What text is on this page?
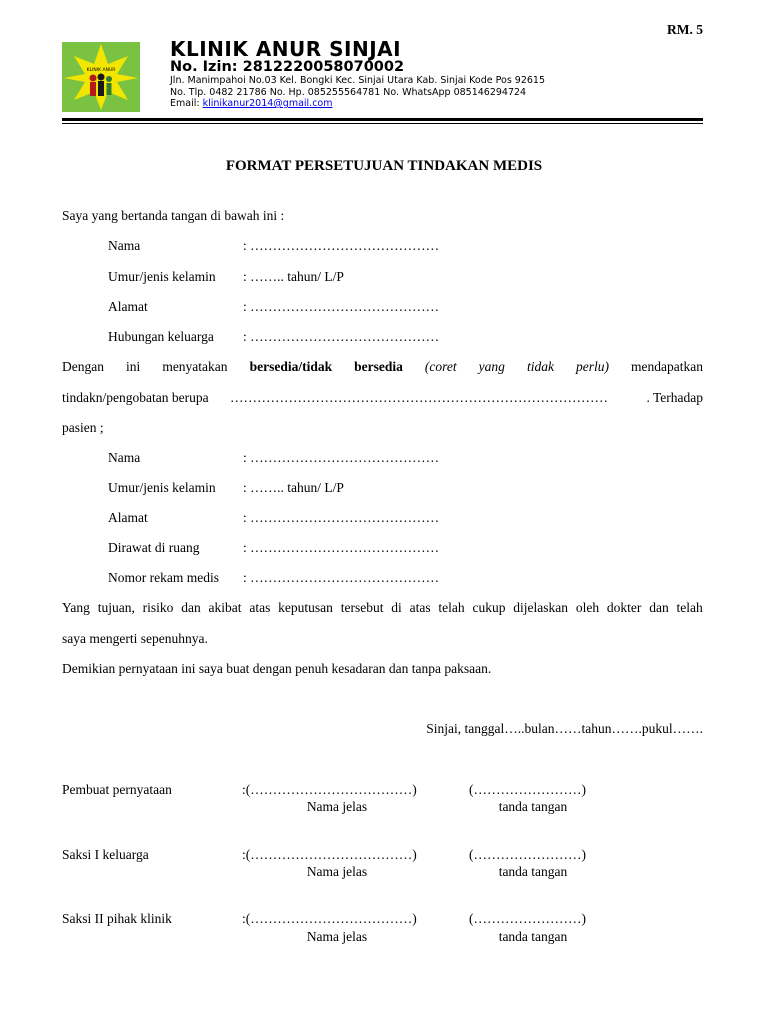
RM. 5
KLINIK ANUR
KLINIK ANUR SINJAI
No. Izin: 2812220058070002
Jln. Manimpahoi No.03 Kel. Bongki Kec. Sinjai Utara Kab. Sinjai Kode Pos 92615
No. Tlp. 0482 21786 No. Hp. 085255564781 No. WhatsApp 085146294724
Email: klinikanur2014@gmail.com
FORMAT PERSETUJUAN TINDAKAN MEDIS
Saya yang bertanda tangan di bawah ini :
Nama	: ……………………………………
Umur/jenis kelamin : …….. tahun/ L/P
Alamat	: ……………………………………
Hubungan keluarga : ……………………………………
Dengan ini menyatakan bersedia/tidak bersedia (coret yang tidak perlu) mendapatkan
tindakn/pengobatan berupa …………………………………………………………………………	. Terhadap
pasien ;
Nama	: ……………………………………
Umur/jenis kelamin : …….. tahun/ L/P
Alamat	: ……………………………………
Dirawat di ruang	: ……………………………………
Nomor rekam medis : ……………………………………
Yang tujuan, risiko dan akibat atas keputusan tersebut di atas telah cukup dijelaskan oleh dokter dan telah
saya mengerti sepenuhnya.
Demikian pernyataan ini saya buat dengan penuh kesadaran dan tanpa paksaan.
Sinjai, tanggal…..bulan……tahun…….pukul…….
Pembuat pernyataan	:(………………………………)	(……………………)
Nama jelas	tanda tangan
Saksi I keluarga	:(………………………………)	(……………………)
Nama jelas	tanda tangan
Saksi II pihak klinik	:(………………………………)	(……………………)
Nama jelas	tanda tangan
